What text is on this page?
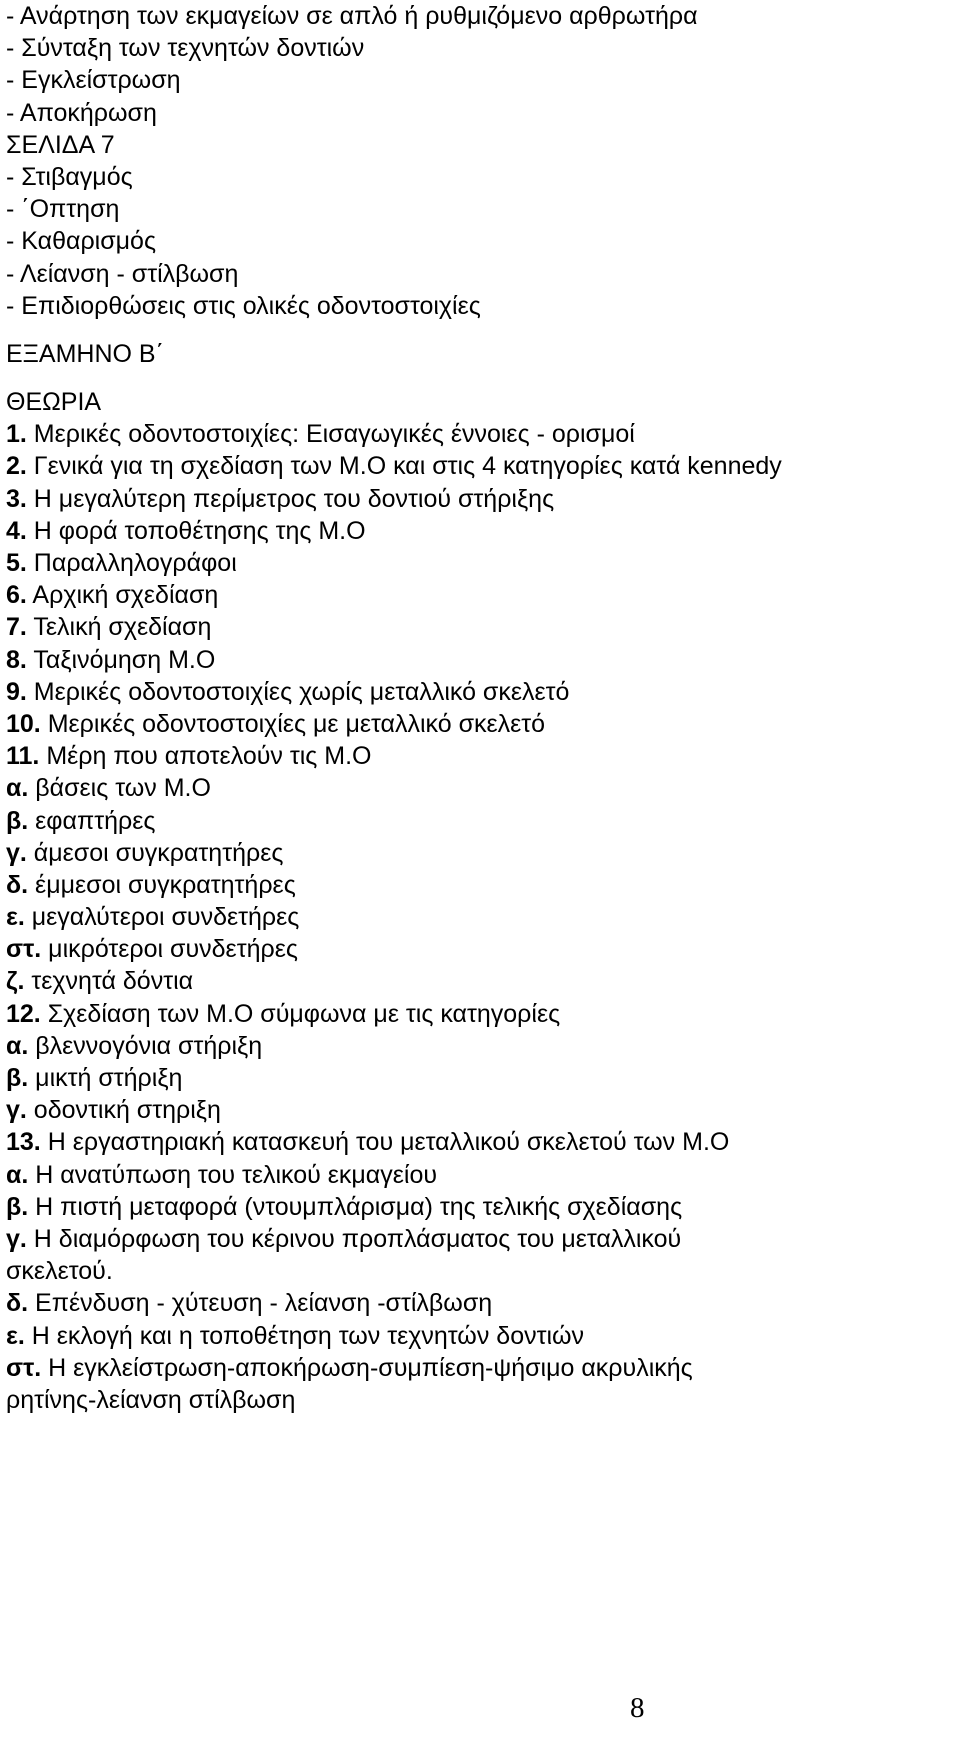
- Ανάρτηση των εκμαγείων σε απλό ή ρυθμιζόμενο αρθρωτήρα
- Σύνταξη των τεχνητών δοντιών
- Εγκλείστρωση
- Αποκήρωση
ΣΕΛΙΔΑ 7
- Στιβαγμός
- ΄Οπτηση
- Καθαρισμός
- Λείανση - στίλβωση
- Επιδιορθώσεις στις ολικές οδοντοστοιχίες
ΕΞΑΜΗΝΟ Β΄
ΘΕΩΡΙΑ
1. Μερικές οδοντοστοιχίες: Εισαγωγικές έννοιες - ορισμοί
2. Γενικά για τη σχεδίαση των Μ.Ο και στις 4 κατηγορίες κατά kennedy
3. Η μεγαλύτερη περίμετρος του δοντιού στήριξης
4. Η φορά τοποθέτησης της Μ.Ο
5. Παραλληλογράφοι
6. Αρχική σχεδίαση
7. Τελική σχεδίαση
8. Ταξινόμηση Μ.Ο
9. Μερικές οδοντοστοιχίες χωρίς μεταλλικό σκελετό
10. Μερικές οδοντοστοιχίες με μεταλλικό σκελετό
11. Μέρη που αποτελούν τις Μ.Ο
α. βάσεις των Μ.Ο
β. εφαπτήρες
γ. άμεσοι συγκρατητήρες
δ. έμμεσοι συγκρατητήρες
ε. μεγαλύτεροι συνδετήρες
στ. μικρότεροι συνδετήρες
ζ. τεχνητά δόντια
12. Σχεδίαση των Μ.Ο σύμφωνα με τις κατηγορίες
α. βλεννογόνια στήριξη
β. μικτή στήριξη
γ. οδοντική στηριξη
13. Η εργαστηριακή κατασκευή του μεταλλικού σκελετού των Μ.Ο
α. Η ανατύπωση του τελικού εκμαγείου
β. Η πιστή μεταφορά (ντουμπλάρισμα) της τελικής σχεδίασης
γ. Η διαμόρφωση του κέρινου προπλάσματος του μεταλλικού
σκελετού.
δ. Επένδυση - χύτευση - λείανση -στίλβωση
ε. Η εκλογή και η τοποθέτηση των τεχνητών δοντιών
στ. Η εγκλείστρωση-αποκήρωση-συμπίεση-ψήσιμο ακρυλικής
ρητίνης-λείανση στίλβωση
8
